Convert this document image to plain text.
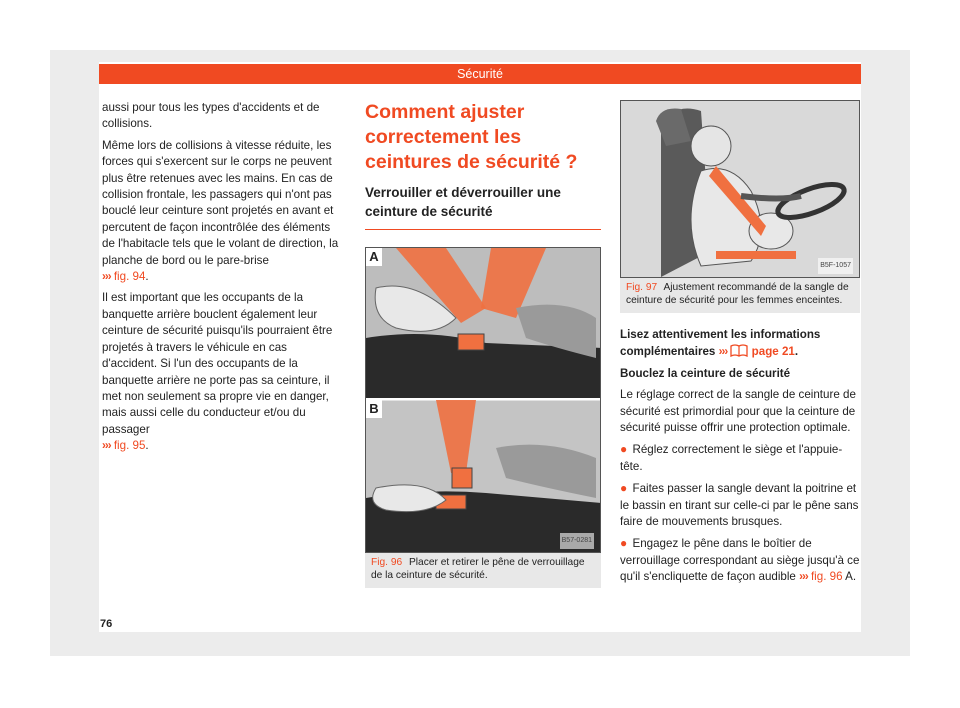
Sécurité

aussi pour tous les types d'accidents et de collisions.

Même lors de collisions à vitesse réduite, les forces qui s'exercent sur le corps ne peuvent plus être retenues avec les mains. En cas de collision frontale, les passagers qui n'ont pas bouclé leur ceinture sont projetés en avant et percutent de façon incontrôlée des éléments de l'habitacle tels que le volant de direction, la planche de bord ou le pare-brise
››› fig. 94.

Il est important que les occupants de la banquette arrière bouclent également leur ceinture de sécurité puisqu'ils pourraient être projetés à travers le véhicule en cas d'accident. Si l'un des occupants de la banquette arrière ne porte pas sa ceinture, il met non seulement sa propre vie en danger, mais aussi celle du conducteur et/ou du passager
››› fig. 95.

Comment ajuster correctement les ceintures de sécurité ?
Verrouiller et déverrouiller une ceinture de sécurité
A
B
B57-0281
Fig. 96 Placer et retirer le pêne de verrouillage de la ceinture de sécurité.
B5F-1057
Fig. 97 Ajustement recommandé de la sangle de ceinture de sécurité pour les femmes enceintes.

Lisez attentivement les informations complémentaires ››› page 21.

Bouclez la ceinture de sécurité

Le réglage correct de la sangle de ceinture de sécurité est primordial pour que la ceinture de sécurité puisse offrir une protection optimale.

● Réglez correctement le siège et l'appuie-tête.

● Faites passer la sangle devant la poitrine et le bassin en tirant sur celle-ci par le pêne sans faire de mouvements brusques.

● Engagez le pêne dans le boîtier de verrouillage correspondant au siège jusqu'à ce qu'il s'encliquette de façon audible ››› fig. 96 A.

76
